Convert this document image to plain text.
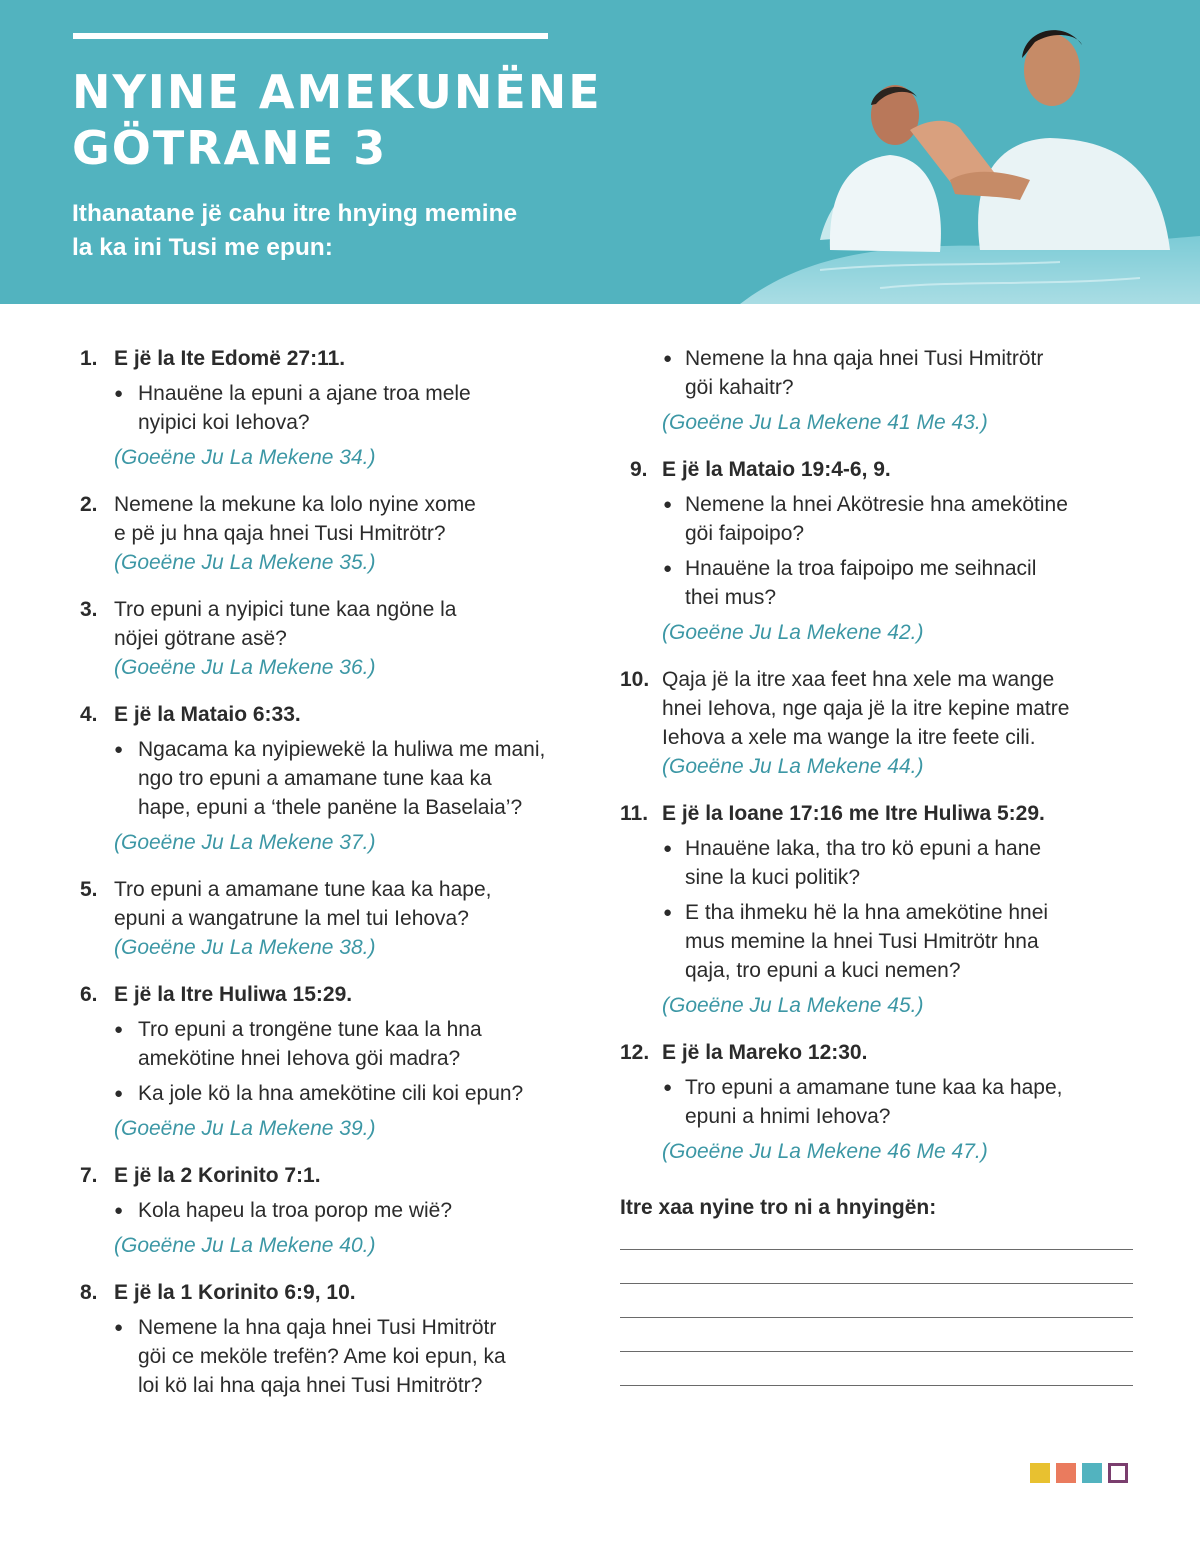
NYINE AMEKUNËNE
GÖTRANE 3

Ithanatane jë cahu itre hnying memine
la ka ini Tusi me epun:

1. E jë la Ite Edomë 27:11.
● Hnauëne la epuni a ajane troa mele
nyipici koi Iehova?
(Goeëne Ju La Mekene 34.)
2. Nemene la mekune ka lolo nyine xome
e pë ju hna qaja hnei Tusi Hmitrötr?
(Goeëne Ju La Mekene 35.)
3. Tro epuni a nyipici tune kaa ngöne la
nöjei götrane asë?
(Goeëne Ju La Mekene 36.)
4. E jë la Mataio 6:33.
● Ngacama ka nyipiewekë la huliwa me mani,
ngo tro epuni a amamane tune kaa ka
hape, epuni a ‘thele panëne la Baselaia’?
(Goeëne Ju La Mekene 37.)
5. Tro epuni a amamane tune kaa ka hape,
epuni a wangatrune la mel tui Iehova?
(Goeëne Ju La Mekene 38.)
6. E jë la Itre Huliwa 15:29.
● Tro epuni a trongëne tune kaa la hna
amekötine hnei Iehova göi madra?
● Ka jole kö la hna amekötine cili koi epun?
(Goeëne Ju La Mekene 39.)
7. E jë la 2 Korinito 7:1.
● Kola hapeu la troa porop me wië?
(Goeëne Ju La Mekene 40.)
8. E jë la 1 Korinito 6:9, 10.
● Nemene la hna qaja hnei Tusi Hmitrötr
göi ce meköle trefën? Ame koi epun, ka
loi kö lai hna qaja hnei Tusi Hmitrötr?
● Nemene la hna qaja hnei Tusi Hmitrötr
göi kahaitr?
(Goeëne Ju La Mekene 41 Me 43.)
9. E jë la Mataio 19:4-6, 9.
● Nemene la hnei Akötresie hna amekötine
göi faipoipo?
● Hnauëne la troa faipoipo me seihnacil
thei mus?
(Goeëne Ju La Mekene 42.)
10. Qaja jë la itre xaa feet hna xele ma wange
hnei Iehova, nge qaja jë la itre kepine matre
Iehova a xele ma wange la itre feete cili.
(Goeëne Ju La Mekene 44.)
11. E jë la Ioane 17:16 me Itre Huliwa 5:29.
● Hnauëne laka, tha tro kö epuni a hane
sine la kuci politik?
● E tha ihmeku hë la hna amekötine hnei
mus memine la hnei Tusi Hmitrötr hna
qaja, tro epuni a kuci nemen?
(Goeëne Ju La Mekene 45.)
12. E jë la Mareko 12:30.
● Tro epuni a amamane tune kaa ka hape,
epuni a hnimi Iehova?
(Goeëne Ju La Mekene 46 Me 47.)

Itre xaa nyine tro ni a hnyingën:
